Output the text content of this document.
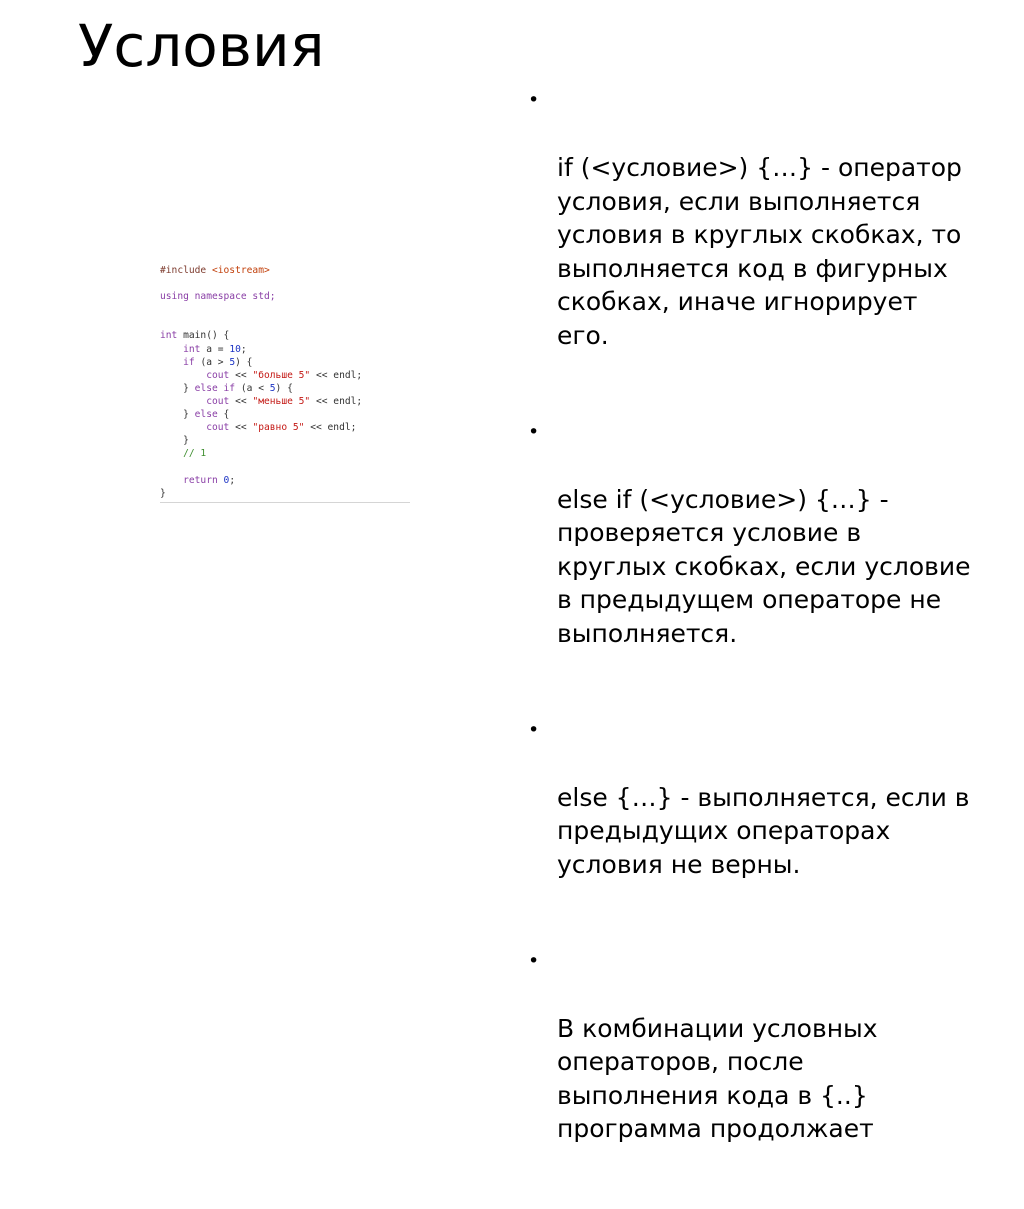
Условия

•

if (<условие>) {…} - оператор
условия, если выполняется
условия в круглых скобках, то
выполняется код в фигурных
скобках, иначе игнорирует
его.

•

else if (<условие>) {…} -
проверяется условие в
круглых скобках, если условие
в предыдущем операторе не
выполняется.

•

else {…} - выполняется, если в
предыдущих операторах
условия не верны.

•

В комбинации условных
операторов, после
выполнения кода в {..}
программа продолжает

#include <iostream>

using namespace std;

int main() {
int a = 10;
if (a > 5) {
cout << "больше 5" << endl;
} else if (a < 5) {
cout << "меньше 5" << endl;
} else {
cout << "равно 5" << endl;
}
// 1

return 0;
}
